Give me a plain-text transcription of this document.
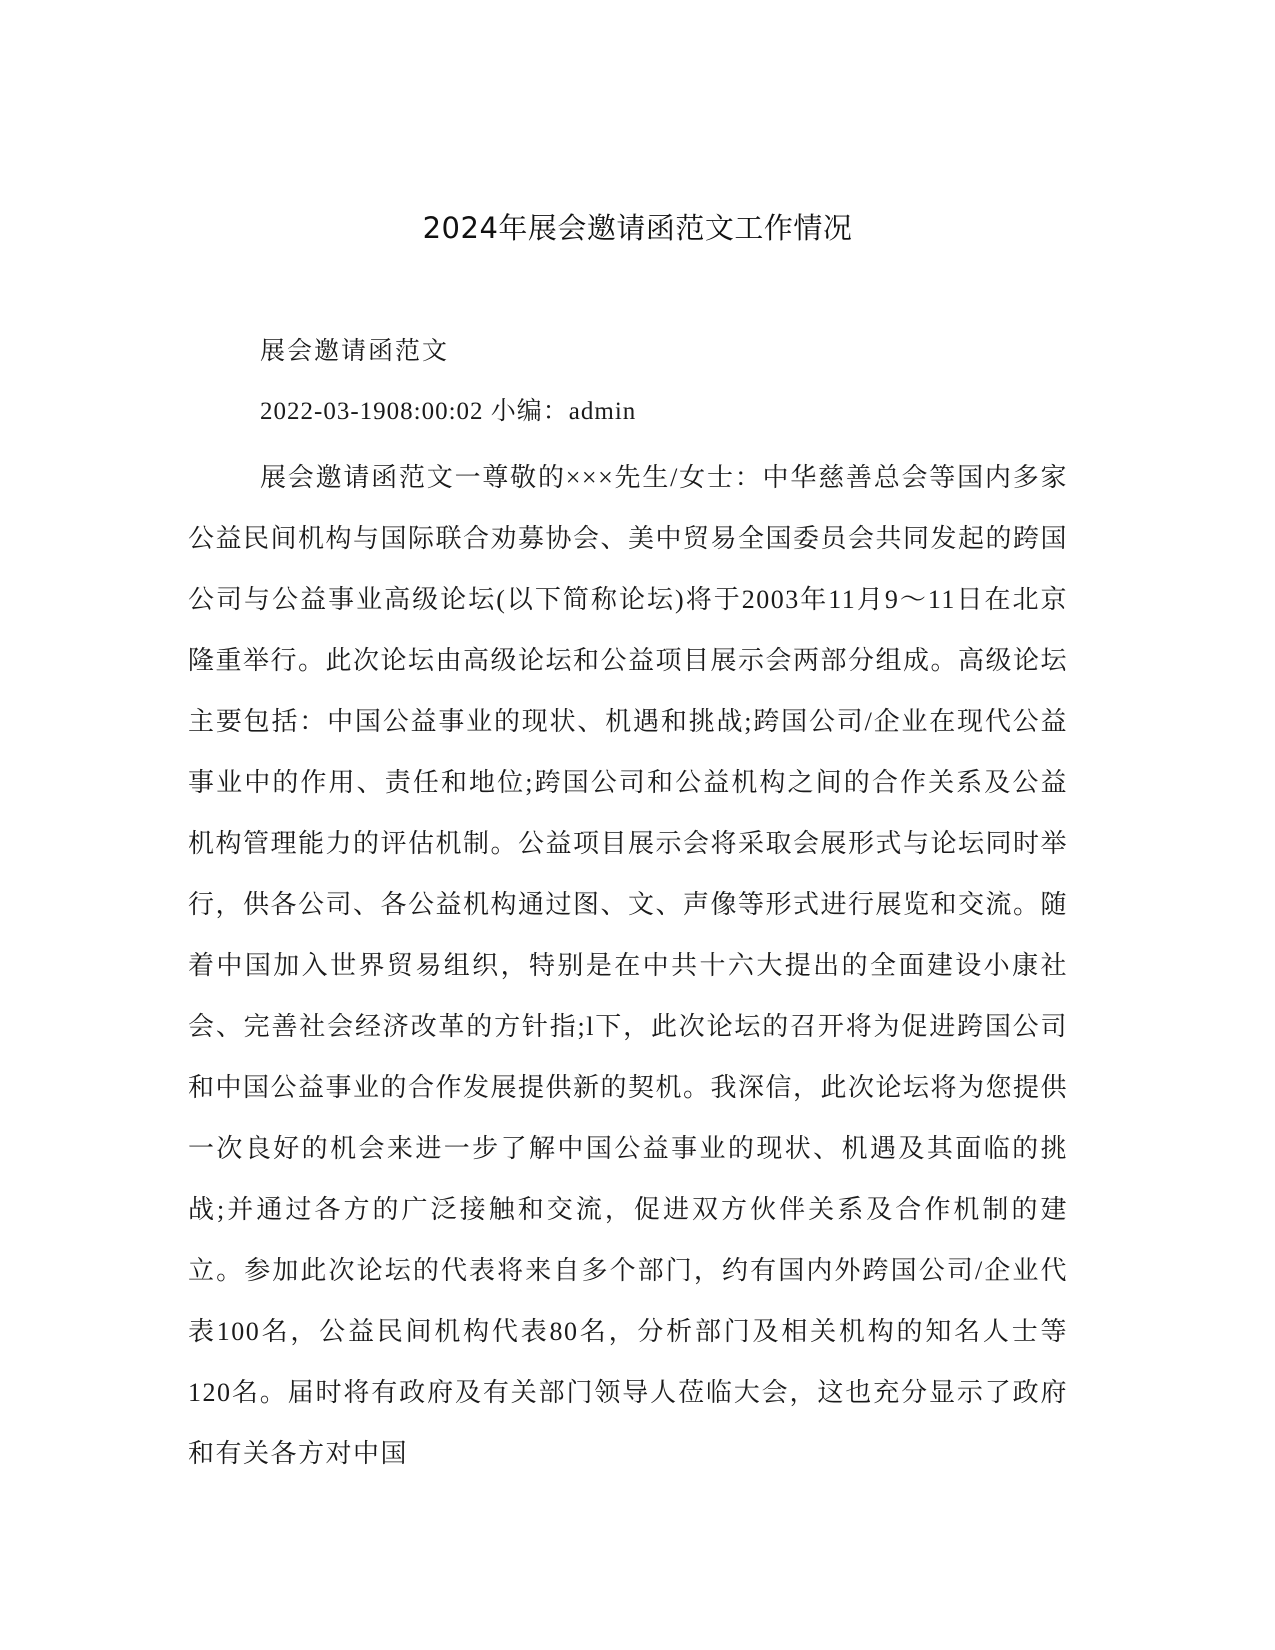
2024年展会邀请函范文工作情况
展会邀请函范文
2022-03-1908:00:02 小编：admin

展会邀请函范文一尊敬的×××先生/女士：中华慈善总会等国内多家公益民间机构与国际联合劝募协会、美中贸易全国委员会共同发起的跨国公司与公益事业高级论坛(以下简称论坛)将于2003年11月9～11日在北京隆重举行。此次论坛由高级论坛和公益项目展示会两部分组成。高级论坛主要包括：中国公益事业的现状、机遇和挑战;跨国公司/企业在现代公益事业中的作用、责任和地位;跨国公司和公益机构之间的合作关系及公益机构管理能力的评估机制。公益项目展示会将采取会展形式与论坛同时举行，供各公司、各公益机构通过图、文、声像等形式进行展览和交流。随着中国加入世界贸易组织，特别是在中共十六大提出的全面建设小康社会、完善社会经济改革的方针指;l下，此次论坛的召开将为促进跨国公司和中国公益事业的合作发展提供新的契机。我深信，此次论坛将为您提供一次良好的机会来进一步了解中国公益事业的现状、机遇及其面临的挑战;并通过各方的广泛接触和交流，促进双方伙伴关系及合作机制的建立。参加此次论坛的代表将来自多个部门，约有国内外跨国公司/企业代表100名，公益民间机构代表80名，分析部门及相关机构的知名人士等120名。届时将有政府及有关部门领导人莅临大会，这也充分显示了政府和有关各方对中国
